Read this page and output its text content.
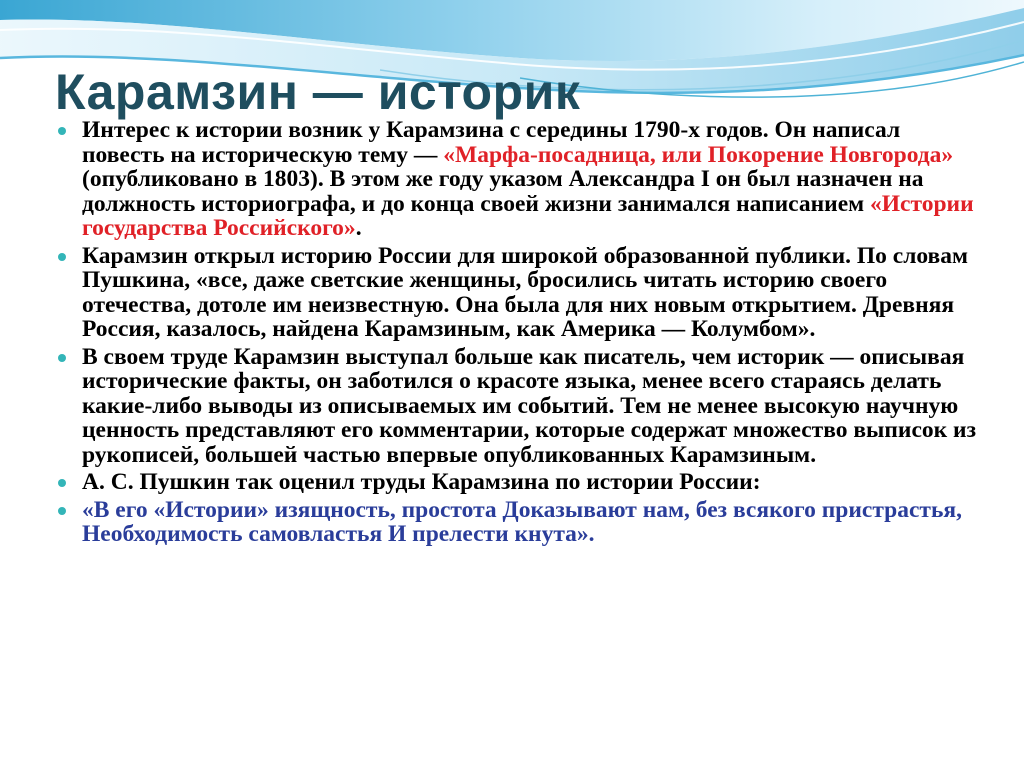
Карамзин — историк
Интерес к истории возник у Карамзина с середины 1790-х годов. Он написал повесть на историческую тему — «Марфа-посадница, или Покорение Новгорода» (опубликовано в 1803). В этом же году указом Александра I он был назначен на должность историографа, и до конца своей жизни занимался написанием «Истории государства Российского».
Карамзин открыл историю России для широкой образованной публики. По словам Пушкина, «все, даже светские женщины, бросились читать историю своего отечества, дотоле им неизвестную. Она была для них новым открытием. Древняя Россия, казалось, найдена Карамзиным, как Америка — Колумбом».
В своем труде Карамзин выступал больше как писатель, чем историк — описывая исторические факты, он заботился о красоте языка, менее всего стараясь делать какие-либо выводы из описываемых им событий. Тем не менее высокую научную ценность представляют его комментарии, которые содержат множество выписок из рукописей, большей частью впервые опубликованных Карамзиным.
А. С. Пушкин так оценил труды Карамзина по истории России:
«В его «Истории» изящность, простота Доказывают нам, без всякого пристрастья, Необходимость самовластья И прелести кнута».
